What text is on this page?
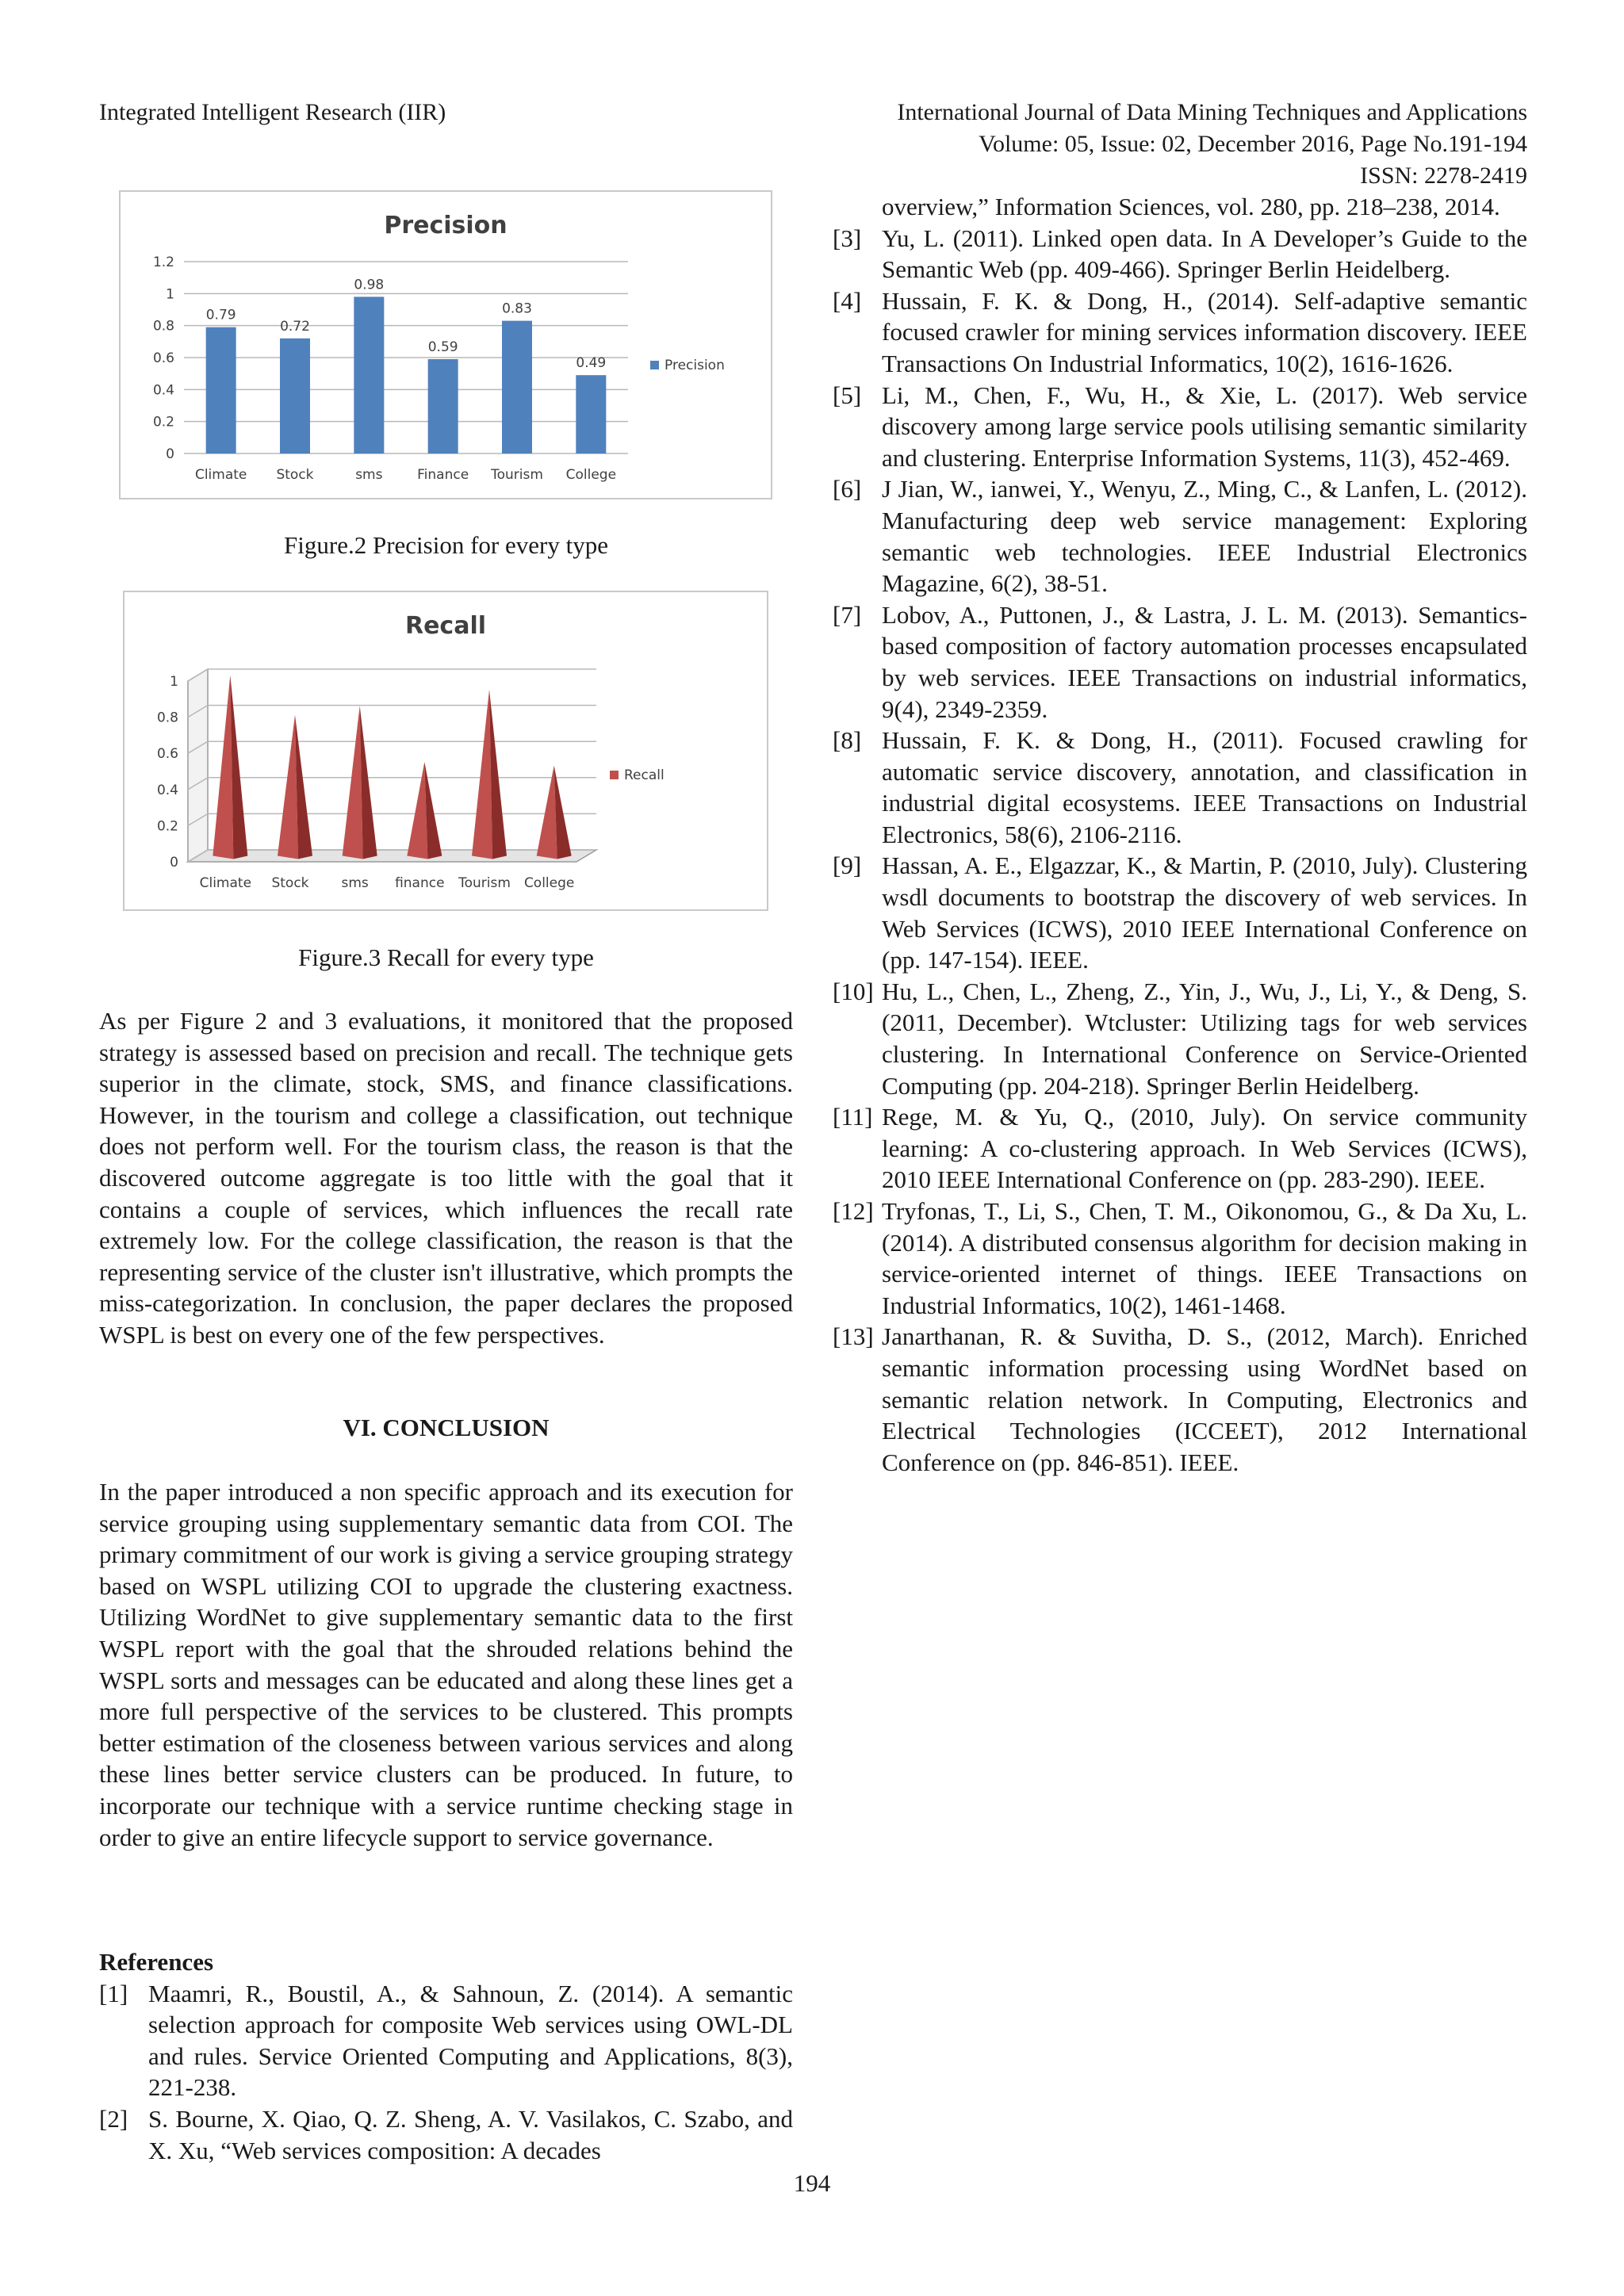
Integrated Intelligent Research (IIR)	International Journal of Data Mining Techniques and Applications
Volume: 05, Issue: 02, December 2016, Page No.191-194
ISSN: 2278-2419
Precision
0
0.2
0.4
0.6
0.8
1
1.2
0.79
Climate
0.72
Stock
0.98
sms
0.59
Finance
0.83
Tourism
0.49
College
Precision
Figure.2 Precision for every type
Recall
0
0.2
0.4
0.6
0.8
1
Climate Stock sms finance Tourism College
Recall
Figure.3 Recall for every type
As per Figure 2 and 3 evaluations, it monitored that the proposed strategy is assessed based on precision and recall. The technique gets superior in the climate, stock, SMS, and finance classifications. However, in the tourism and college a classification, out technique does not perform well. For the tourism class, the reason is that the discovered outcome aggregate is too little with the goal that it contains a couple of services, which influences the recall rate extremely low. For the college classification, the reason is that the representing service of the cluster isn't illustrative, which prompts the miss-categorization. In conclusion, the paper declares the proposed WSPL is best on every one of the few perspectives.
VI. CONCLUSION
In the paper introduced a non specific approach and its execution for service grouping using supplementary semantic data from COI. The primary commitment of our work is giving a service grouping strategy based on WSPL utilizing COI to upgrade the clustering exactness. Utilizing WordNet to give supplementary semantic data to the first WSPL report with the goal that the shrouded relations behind the WSPL sorts and messages can be educated and along these lines get a more full perspective of the services to be clustered. This prompts better estimation of the closeness between various services and along these lines better service clusters can be produced. In future, to incorporate our technique with a service runtime checking stage in order to give an entire lifecycle support to service governance.
References
[1] Maamri, R., Boustil, A., & Sahnoun, Z. (2014). A semantic selection approach for composite Web services using OWL-DL and rules. Service Oriented Computing and Applications, 8(3), 221-238.
[2] S. Bourne, X. Qiao, Q. Z. Sheng, A. V. Vasilakos, C. Szabo, and X. Xu, “Web services composition: A decades
overview,” Information Sciences, vol. 280, pp. 218–238, 2014.
[3] Yu, L. (2011). Linked open data. In A Developer’s Guide to the Semantic Web (pp. 409-466). Springer Berlin Heidelberg.
[4] Hussain, F. K. & Dong, H., (2014). Self-adaptive semantic focused crawler for mining services information discovery. IEEE Transactions On Industrial Informatics, 10(2), 1616-1626.
[5] Li, M., Chen, F., Wu, H., & Xie, L. (2017). Web service discovery among large service pools utilising semantic similarity and clustering. Enterprise Information Systems, 11(3), 452-469.
[6] J Jian, W., ianwei, Y., Wenyu, Z., Ming, C., & Lanfen, L. (2012). Manufacturing deep web service management: Exploring semantic web technologies. IEEE Industrial Electronics Magazine, 6(2), 38-51.
[7] Lobov, A., Puttonen, J., & Lastra, J. L. M. (2013). Semantics-based composition of factory automation processes encapsulated by web services. IEEE Transactions on industrial informatics, 9(4), 2349-2359.
[8] Hussain, F. K. & Dong, H., (2011). Focused crawling for automatic service discovery, annotation, and classification in industrial digital ecosystems. IEEE Transactions on Industrial Electronics, 58(6), 2106-2116.
[9] Hassan, A. E., Elgazzar, K., & Martin, P. (2010, July). Clustering wsdl documents to bootstrap the discovery of web services. In Web Services (ICWS), 2010 IEEE International Conference on (pp. 147-154). IEEE.
[10] Hu, L., Chen, L., Zheng, Z., Yin, J., Wu, J., Li, Y., & Deng, S. (2011, December). Wtcluster: Utilizing tags for web services clustering. In International Conference on Service-Oriented Computing (pp. 204-218). Springer Berlin Heidelberg.
[11] Rege, M. & Yu, Q., (2010, July). On service community learning: A co-clustering approach. In Web Services (ICWS), 2010 IEEE International Conference on (pp. 283-290). IEEE.
[12] Tryfonas, T., Li, S., Chen, T. M., Oikonomou, G., & Da Xu, L. (2014). A distributed consensus algorithm for decision making in service-oriented internet of things. IEEE Transactions on Industrial Informatics, 10(2), 1461-1468.
[13] Janarthanan, R. & Suvitha, D. S., (2012, March). Enriched semantic information processing using WordNet based on semantic relation network. In Computing, Electronics and Electrical Technologies (ICCEET), 2012 International Conference on (pp. 846-851). IEEE.
194
